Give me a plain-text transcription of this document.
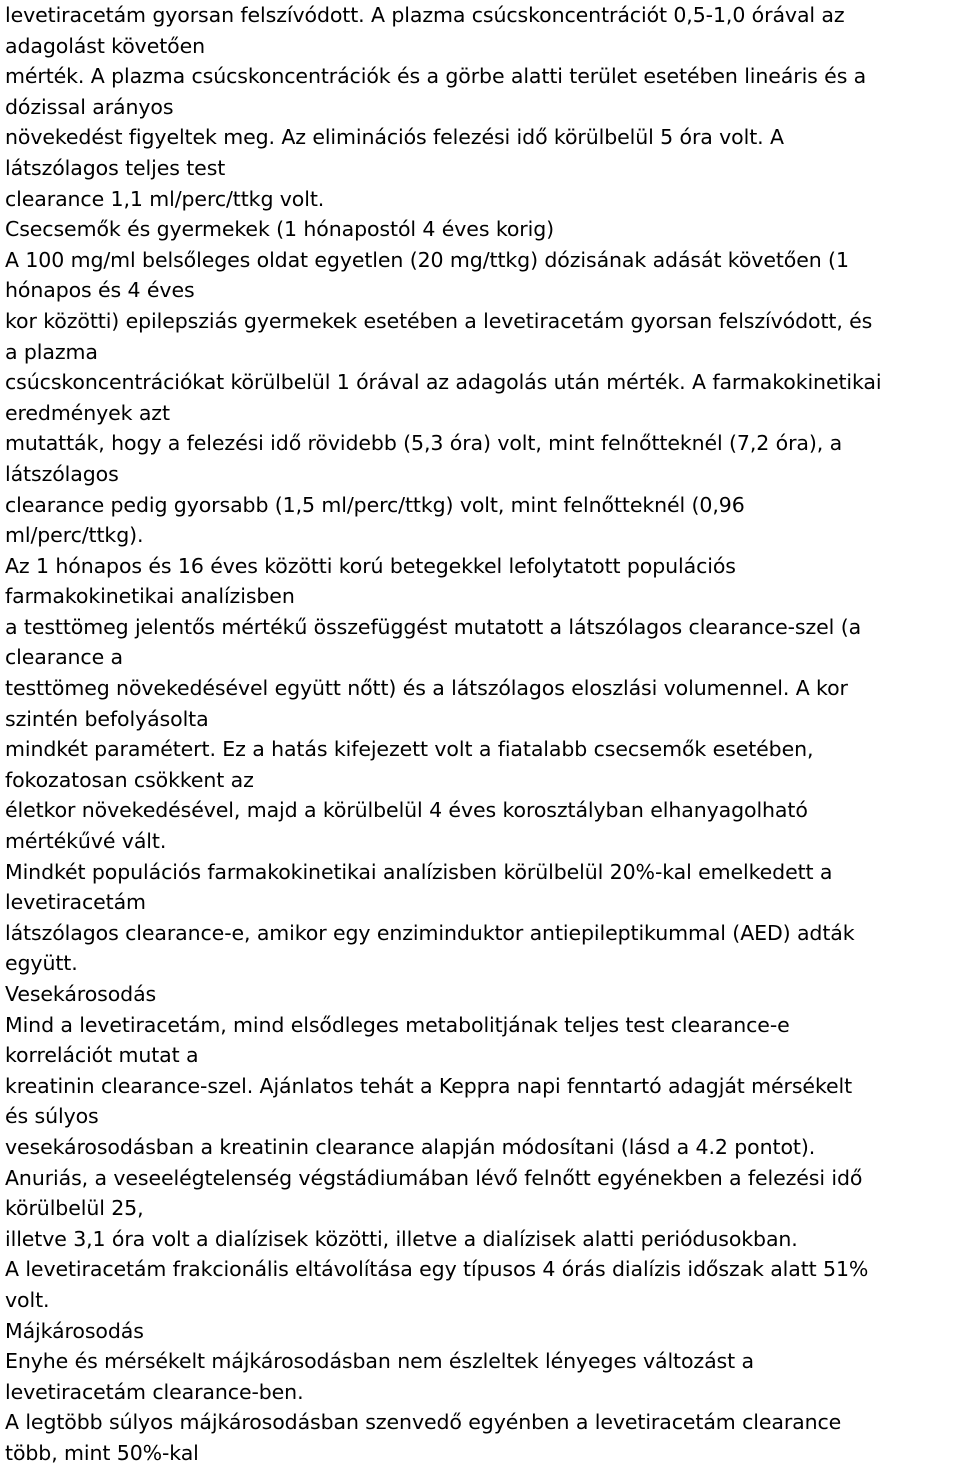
levetiracetám gyorsan felszívódott. A plazma csúcskoncentrációt 0,5-1,0 órával az
adagolást követően
mérték. A plazma csúcskoncentrációk és a görbe alatti terület esetében lineáris és a
dózissal arányos
növekedést figyeltek meg. Az eliminációs felezési idő körülbelül 5 óra volt. A
látszólagos teljes test
clearance 1,1 ml/perc/ttkg volt.
Csecsemők és gyermekek (1 hónapostól 4 éves korig)
A 100 mg/ml belsőleges oldat egyetlen (20 mg/ttkg) dózisának adását követően (1
hónapos és 4 éves
kor közötti) epilepsziás gyermekek esetében a levetiracetám gyorsan felszívódott, és
a plazma
csúcskoncentrációkat körülbelül 1 órával az adagolás után mérték. A farmakokinetikai
eredmények azt
mutatták, hogy a felezési idő rövidebb (5,3 óra) volt, mint felnőtteknél (7,2 óra), a
látszólagos
clearance pedig gyorsabb (1,5 ml/perc/ttkg) volt, mint felnőtteknél (0,96
ml/perc/ttkg).
Az 1 hónapos és 16 éves közötti korú betegekkel lefolytatott populációs
farmakokinetikai analízisben
a testtömeg jelentős mértékű összefüggést mutatott a látszólagos clearance-szel (a
clearance a
testtömeg növekedésével együtt nőtt) és a látszólagos eloszlási volumennel. A kor
szintén befolyásolta
mindkét paramétert. Ez a hatás kifejezett volt a fiatalabb csecsemők esetében,
fokozatosan csökkent az
életkor növekedésével, majd a körülbelül 4 éves korosztályban elhanyagolható
mértékűvé vált.
Mindkét populációs farmakokinetikai analízisben körülbelül 20%-kal emelkedett a
levetiracetám
látszólagos clearance-e, amikor egy enziminduktor antiepileptikummal (AED) adták
együtt.
Vesekárosodás
Mind a levetiracetám, mind elsődleges metabolitjának teljes test clearance-e
korrelációt mutat a
kreatinin clearance-szel. Ajánlatos tehát a Keppra napi fenntartó adagját mérsékelt
és súlyos
vesekárosodásban a kreatinin clearance alapján módosítani (lásd a 4.2 pontot).
Anuriás, a veseelégtelenség végstádiumában lévő felnőtt egyénekben a felezési idő
körülbelül 25,
illetve 3,1 óra volt a dialízisek közötti, illetve a dialízisek alatti periódusokban.
A levetiracetám frakcionális eltávolítása egy típusos 4 órás dialízis időszak alatt 51%
volt.
Májkárosodás
Enyhe és mérsékelt májkárosodásban nem észleltek lényeges változást a
levetiracetám clearance-ben.
A legtöbb súlyos májkárosodásban szenvedő egyénben a levetiracetám clearance
több, mint 50%-kal
